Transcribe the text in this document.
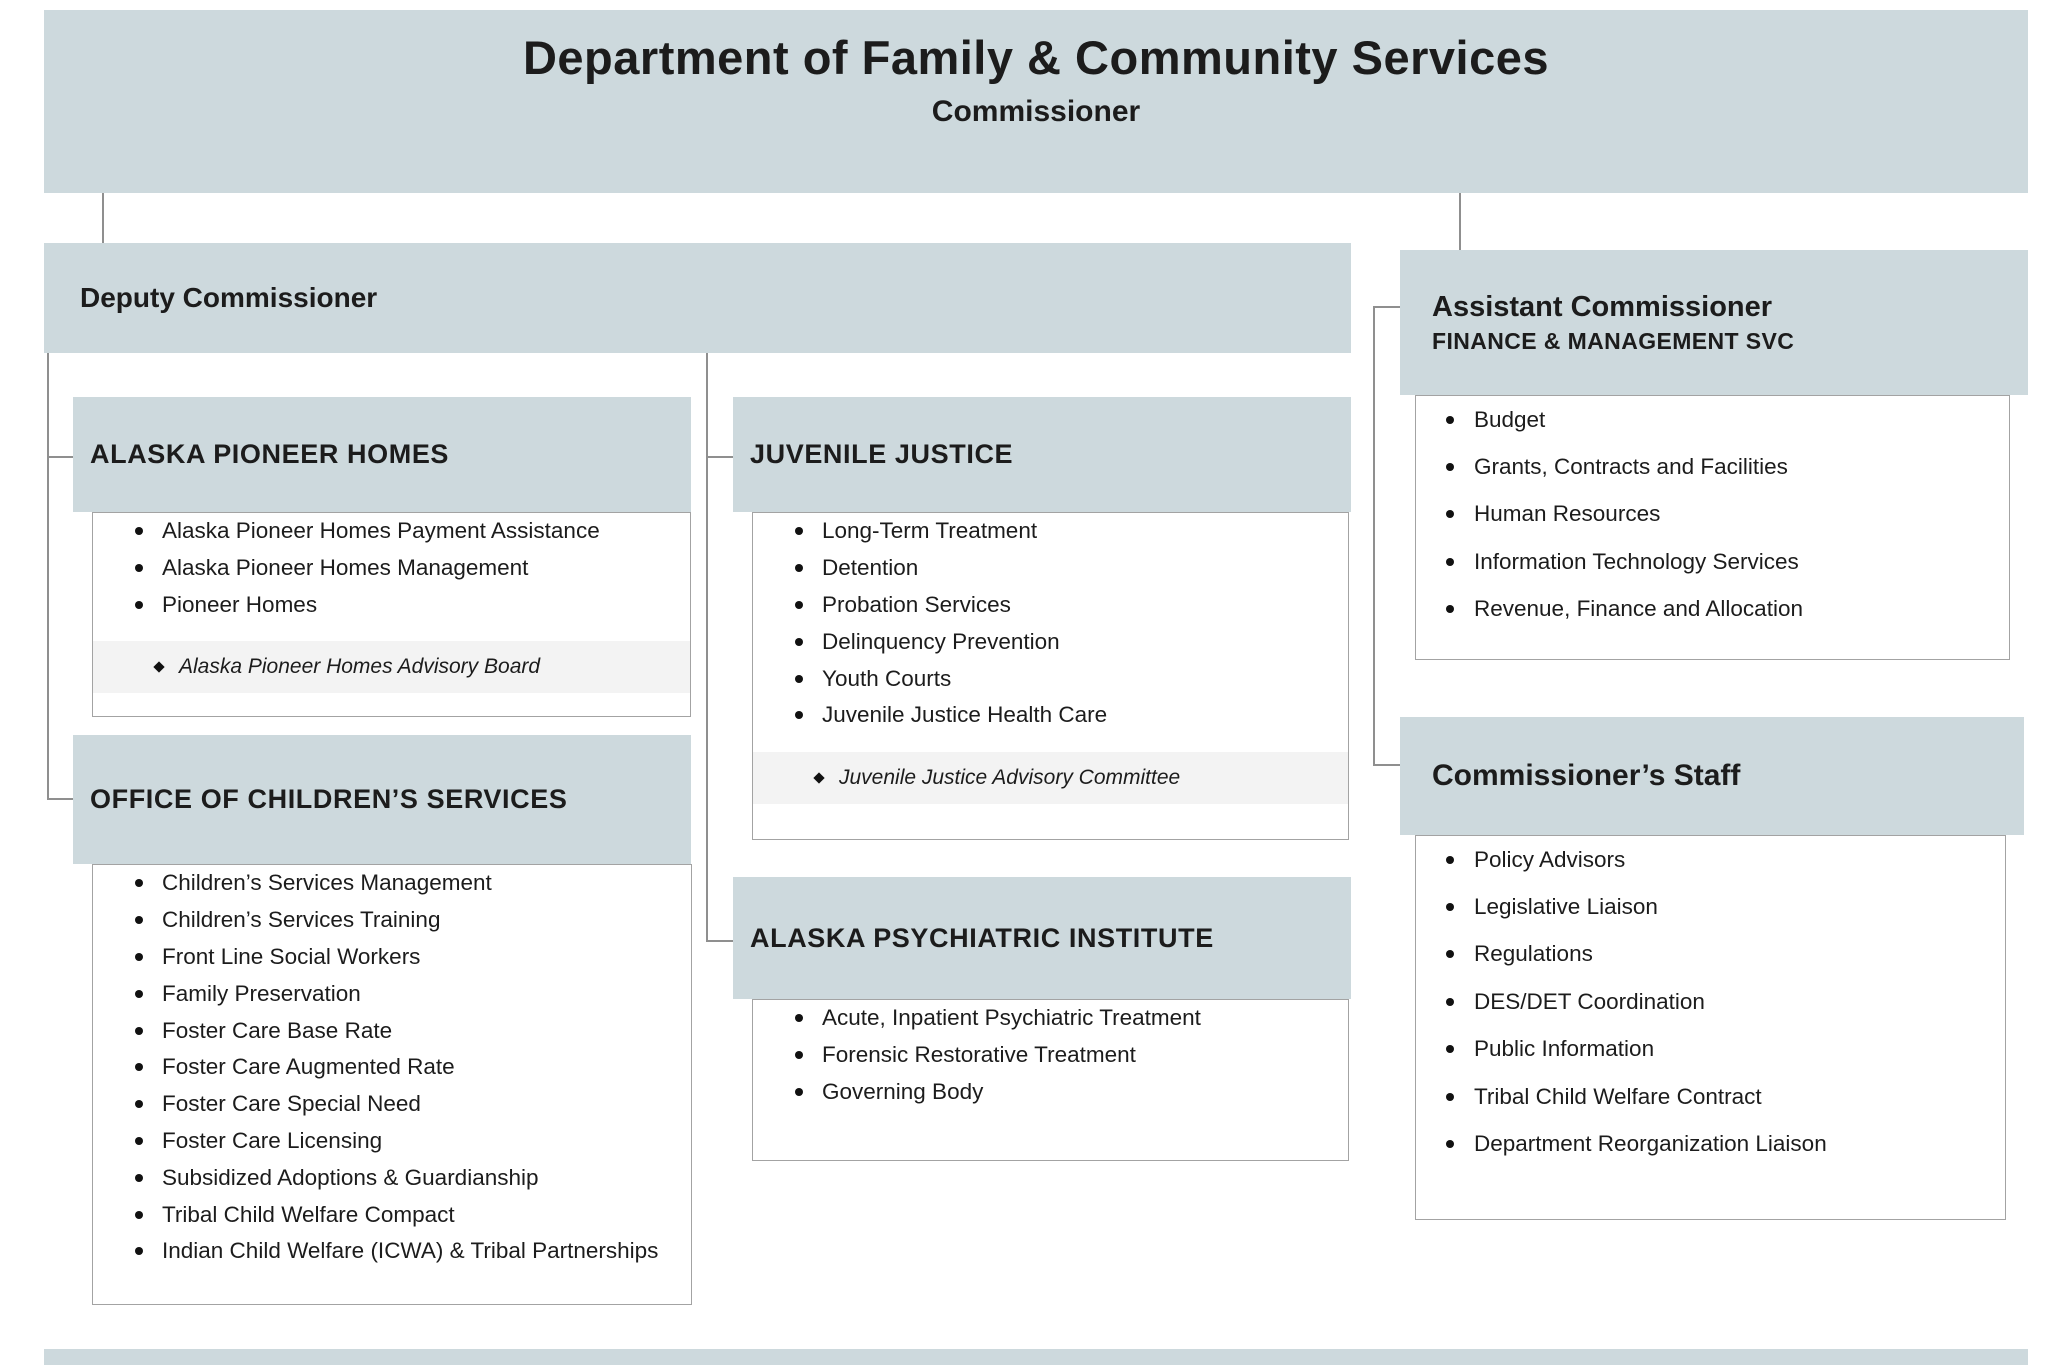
Department of Family & Community Services
Commissioner
Deputy Commissioner
ALASKA PIONEER HOMES
Alaska Pioneer Homes Payment Assistance
Alaska Pioneer Homes Management
Pioneer Homes
Alaska Pioneer Homes Advisory Board
JUVENILE JUSTICE
Long-Term Treatment
Detention
Probation Services
Delinquency Prevention
Youth Courts
Juvenile Justice Health Care
Juvenile Justice Advisory Committee
OFFICE OF CHILDREN’S SERVICES
Children’s Services Management
Children’s Services Training
Front Line Social Workers
Family Preservation
Foster Care Base Rate
Foster Care Augmented Rate
Foster Care Special Need
Foster Care Licensing
Subsidized Adoptions & Guardianship
Tribal Child Welfare Compact
Indian Child Welfare (ICWA) & Tribal Partnerships
ALASKA PSYCHIATRIC INSTITUTE
Acute, Inpatient Psychiatric Treatment
Forensic Restorative Treatment
Governing Body
Assistant Commissioner
FINANCE & MANAGEMENT SVC
Budget
Grants, Contracts and Facilities
Human Resources
Information Technology Services
Revenue, Finance and Allocation
Commissioner’s Staff
Policy Advisors
Legislative Liaison
Regulations
DES/DET Coordination
Public Information
Tribal Child Welfare Contract
Department Reorganization Liaison
